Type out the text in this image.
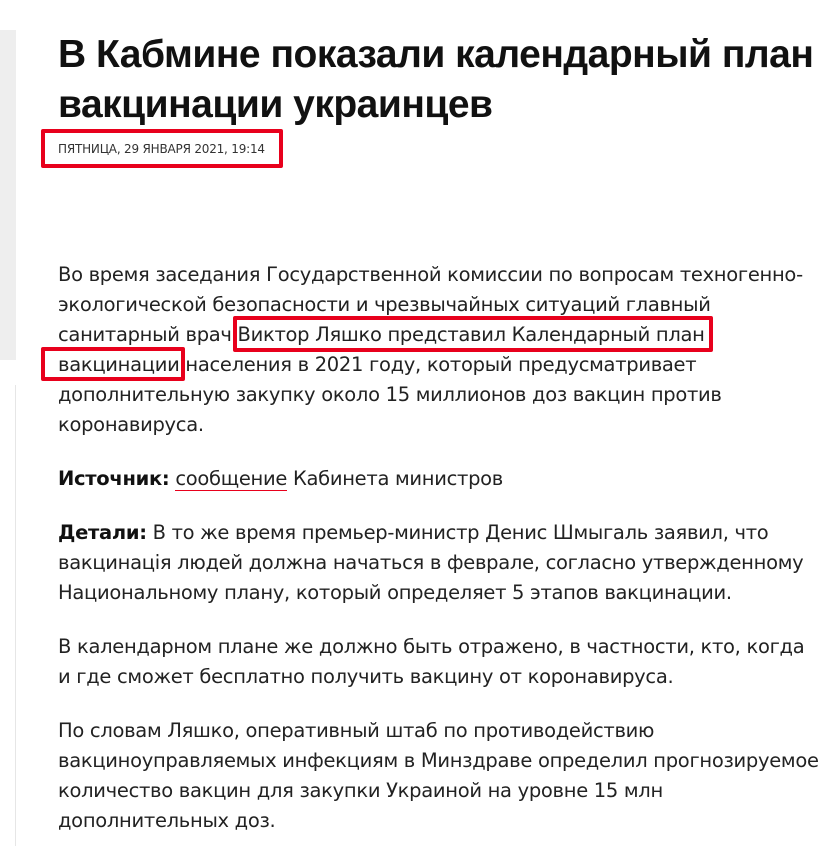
В Кабмине показали календарный план вакцинации украинцев
ПЯТНИЦА, 29 ЯНВАРЯ 2021, 19:14

Во время заседания Государственной комиссии по вопросам техногенно-экологической безопасности и чрезвычайных ситуаций главный санитарный врач Виктор Ляшко представил Календарный план вакцинации населения в 2021 году, который предусматривает дополнительную закупку около 15 миллионов доз вакцин против коронавируса.

Источник: сообщение Кабинета министров

Детали: В то же время премьер-министр Денис Шмыгаль заявил, что вакцинація людей должна начаться в феврале, согласно утвержденному Национальному плану, который определяет 5 этапов вакцинации.

В календарном плане же должно быть отражено, в частности, кто, когда и где сможет бесплатно получить вакцину от коронавируса.

По словам Ляшко, оперативный штаб по противодействию вакциноуправляемых инфекциям в Минздраве определил прогнозируемое количество вакцин для закупки Украиной на уровне 15 млн дополнительных доз.
